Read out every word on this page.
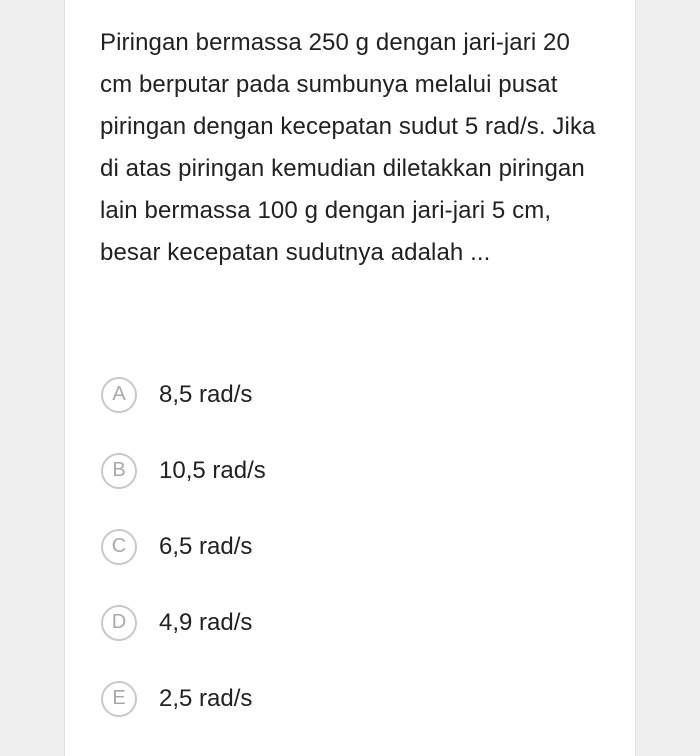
Piringan bermassa 250 g dengan jari-jari 20 cm berputar pada sumbunya melalui pusat piringan dengan kecepatan sudut 5 rad/s. Jika di atas piringan kemudian diletakkan piringan lain bermassa 100 g dengan jari-jari 5 cm, besar kecepatan sudutnya adalah ...

A	8,5 rad/s
B	10,5 rad/s
C	6,5 rad/s
D	4,9 rad/s
E	2,5 rad/s
